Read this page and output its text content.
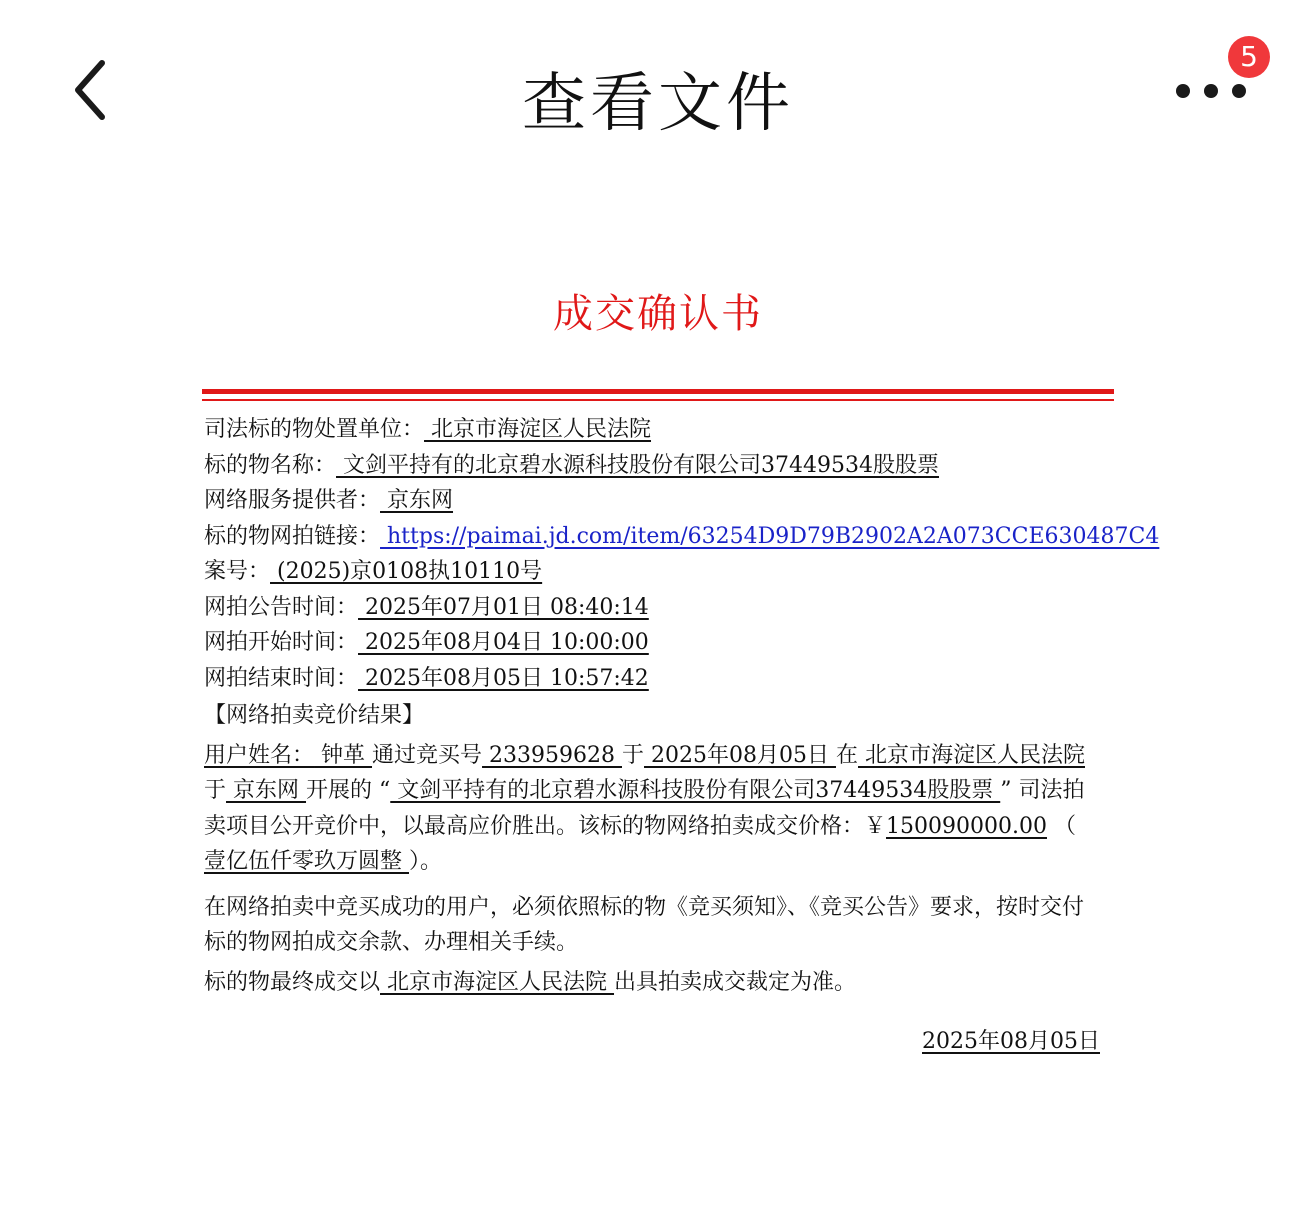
查看文件
5
成交确认书
司法标的物处置单位： 北京市海淀区人民法院
标的物名称： 文剑平持有的北京碧水源科技股份有限公司37449534股股票
网络服务提供者： 京东网
标的物网拍链接： https://paimai.jd.com/item/63254D9D79B2902A2A073CCE630487C4
案号： (2025)京0108执10110号
网拍公告时间： 2025年07月01日 08:40:14
网拍开始时间： 2025年08月04日 10:00:00
网拍结束时间： 2025年08月05日 10:57:42
【网络拍卖竞价结果】
用户姓名： 钟革 通过竞买号 233959628 于 2025年08月05日 在 北京市海淀区人民法院
于 京东网 开展的 “ 文剑平持有的北京碧水源科技股份有限公司37449534股股票 ” 司法拍卖项目公开竞价中，以最高应价胜出。该标的物网络拍卖成交价格：￥150090000.00 （ 壹亿伍仟零玖万圆整 ）。
在网络拍卖中竞买成功的用户，必须依照标的物《竞买须知》、《竞买公告》要求，按时交付标的物网拍成交余款、办理相关手续。
标的物最终成交以 北京市海淀区人民法院 出具拍卖成交裁定为准。
2025年08月05日
